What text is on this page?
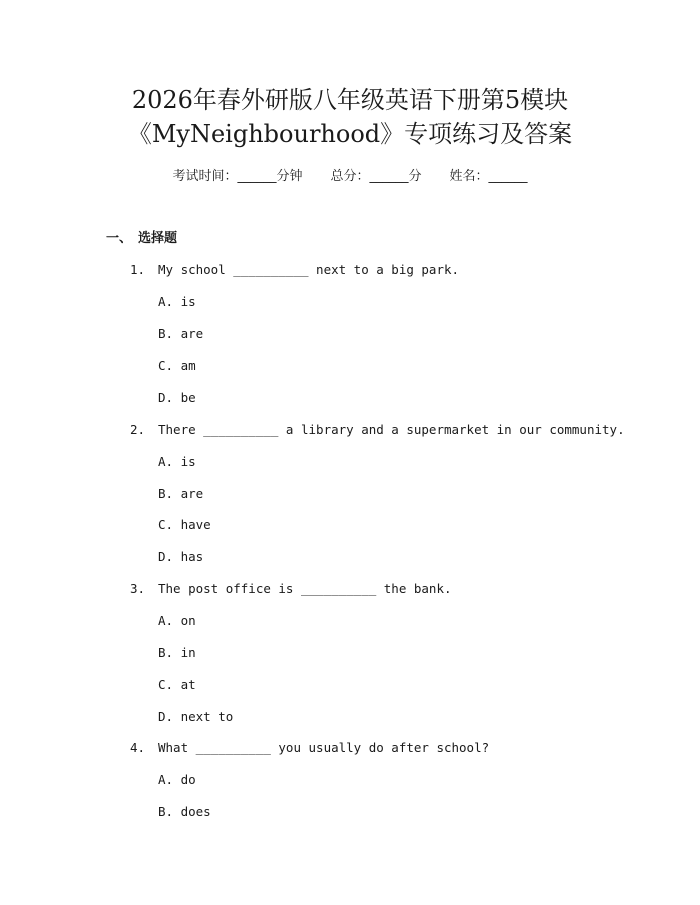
2026年春外研版八年级英语下册第5模块
《MyNeighbourhood》专项练习及答案
考试时间：______分钟 总分：______分 姓名：______
一、 选择题
1. My school __________ next to a big park.
A. is
B. are
C. am
D. be
2. There __________ a library and a supermarket in our community.
A. is
B. are
C. have
D. has
3. The post office is __________ the bank.
A. on
B. in
C. at
D. next to
4. What __________ you usually do after school?
A. do
B. does
